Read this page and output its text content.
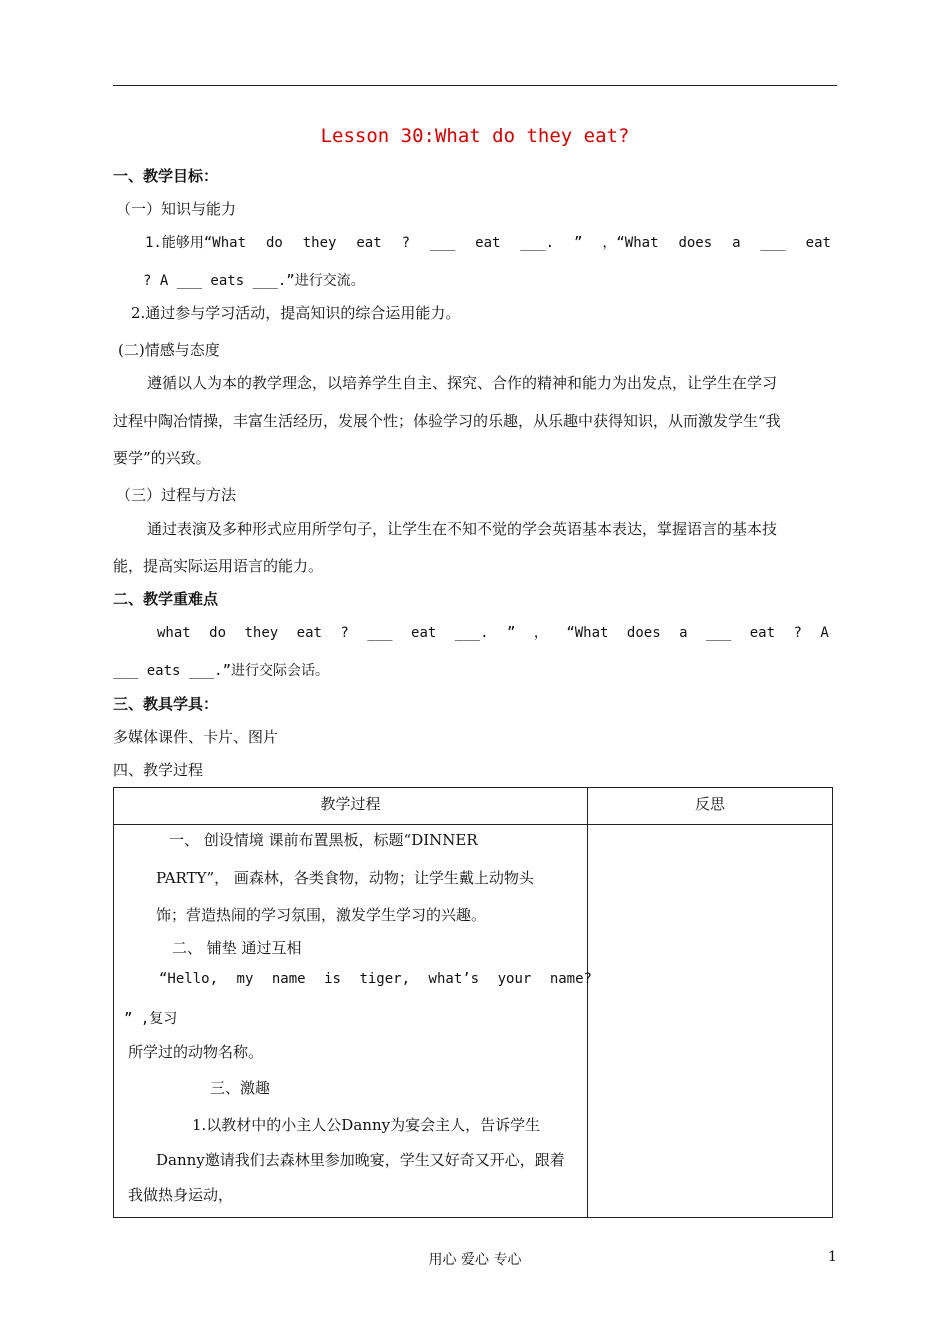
Lesson 30:What do they eat?
一、教学目标：
（一）知识与能力
1.能够用“What do they eat ? ___ eat ___. ” ，“What does a ___ eat
? A ___ eats ___.”进行交流。
2.通过参与学习活动，提高知识的综合运用能力。
(二)情感与态度
遵循以人为本的教学理念，以培养学生自主、探究、合作的精神和能力为出发点，让学生在学习
过程中陶冶情操，丰富生活经历，发展个性；体验学习的乐趣，从乐趣中获得知识，从而激发学生“我
要学”的兴致。
（三）过程与方法
通过表演及多种形式应用所学句子，让学生在不知不觉的学会英语基本表达，掌握语言的基本技
能，提高实际运用语言的能力。
二、教学重难点
what do they eat ? ___ eat ___. ” ， “What does a ___ eat ? A
___ eats ___.”进行交际会话。
三、教具学具：
多媒体课件、卡片、图片
四、教学过程
教学过程	反思
一、 创设情境 课前布置黑板，标题“DINNER
PARTY”， 画森林，各类食物，动物；让学生戴上动物头
饰；营造热闹的学习氛围，激发学生学习的兴趣。
二、 铺垫 通过互相
“Hello, my name is tiger, what’s your name?
” ,复习
所学过的动物名称。
三、激趣
1.以教材中的小主人公Danny为宴会主人，告诉学生
Danny邀请我们去森林里参加晚宴，学生又好奇又开心，跟着
我做热身运动，
用心 爱心 专心	1
